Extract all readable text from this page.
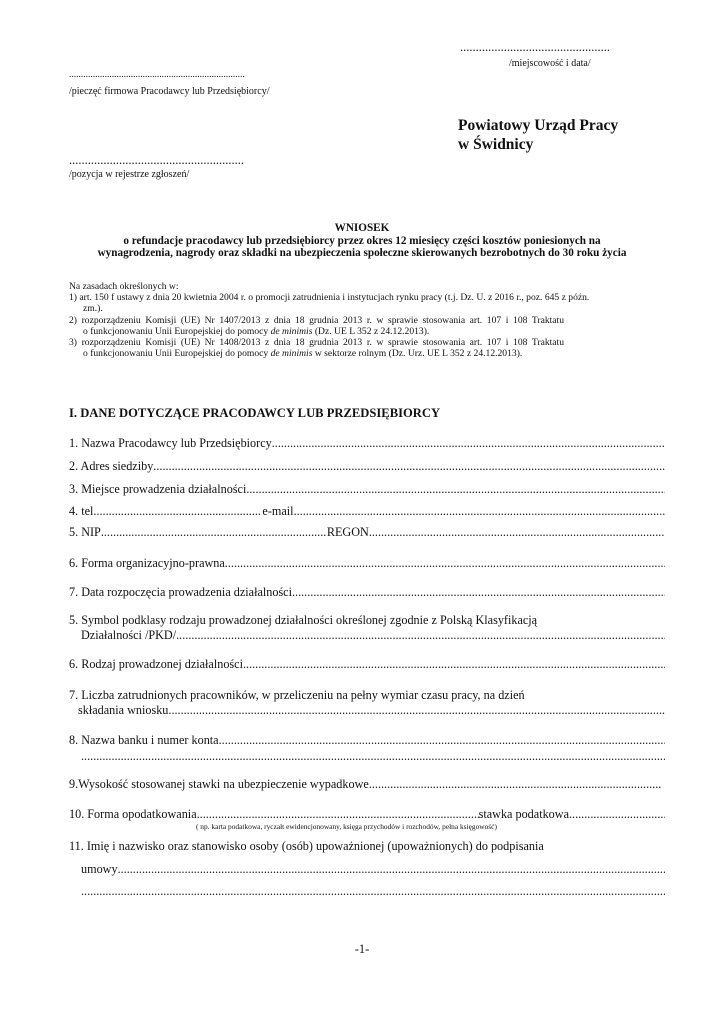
................................................
/miejscowość i data/
..........................................................................
/pieczęć firmowa Pracodawcy lub Przedsiębiorcy/
Powiatowy Urząd Pracy
w Świdnicy
........................................................
/pozycja w rejestrze zgłoszeń/
WNIOSEK
o refundacje pracodawcy lub przedsiębiorcy przez okres 12 miesięcy części kosztów poniesionych na
wynagrodzenia, nagrody oraz składki na ubezpieczenia społeczne skierowanych bezrobotnych do 30 roku życia
Na zasadach określonych w:
1) art. 150 f ustawy z dnia 20 kwietnia 2004 r. o promocji zatrudnienia i instytucjach rynku pracy (t.j. Dz. U. z 2016 r., poz. 645 z późn.
zm.).
2) rozporządzeniu Komisji (UE) Nr 1407/2013 z dnia 18 grudnia 2013 r. w sprawie stosowania art. 107 i 108 Traktatu
o funkcjonowaniu Unii Europejskiej do pomocy de minimis (Dz. UE L 352 z 24.12.2013).
3) rozporządzeniu Komisji (UE) Nr 1408/2013 z dnia 18 grudnia 2013 r. w sprawie stosowania art. 107 i 108 Traktatu
o funkcjonowaniu Unii Europejskiej do pomocy de minimis w sektorze rolnym (Dz. Urz. UE L 352 z 24.12.2013).
I. DANE DOTYCZĄCE PRACODAWCY LUB PRZEDSIĘBIORCY
1. Nazwa Pracodawcy lub Przedsiębiorcy
.....
2. Adres siedziby
.....
3. Miejsce prowadzenia działalności
.....
4. tel. .....	e-mail
.....
5. NIP .....	REGON
.....
6. Forma organizacyjno-prawna
.....
7. Data rozpoczęcia prowadzenia działalności
.....
5. Symbol podklasy rodzaju prowadzonej działalności określonej zgodnie z Polską Klasyfikacją
Działalności /PKD/
.....
6. Rodzaj prowadzonej działalności
.....
7. Liczba zatrudnionych pracowników, w przeliczeniu na pełny wymiar czasu pracy, na dzień
składania wniosku
.....
8. Nazwa banku i numer konta
.....
.....
9.Wysokość stosowanej stawki na ubezpieczenie wypadkowe
.....
10. Forma opodatkowania .....	stawka podatkowa
.....
( np. karta podatkowa, ryczałt ewidencjonowany, księga przychodów i rozchodów, pełna księgowość)
11. Imię i nazwisko oraz stanowisko osoby (osób) upoważnionej (upoważnionych) do podpisania
umowy
.....
.....
-1-
